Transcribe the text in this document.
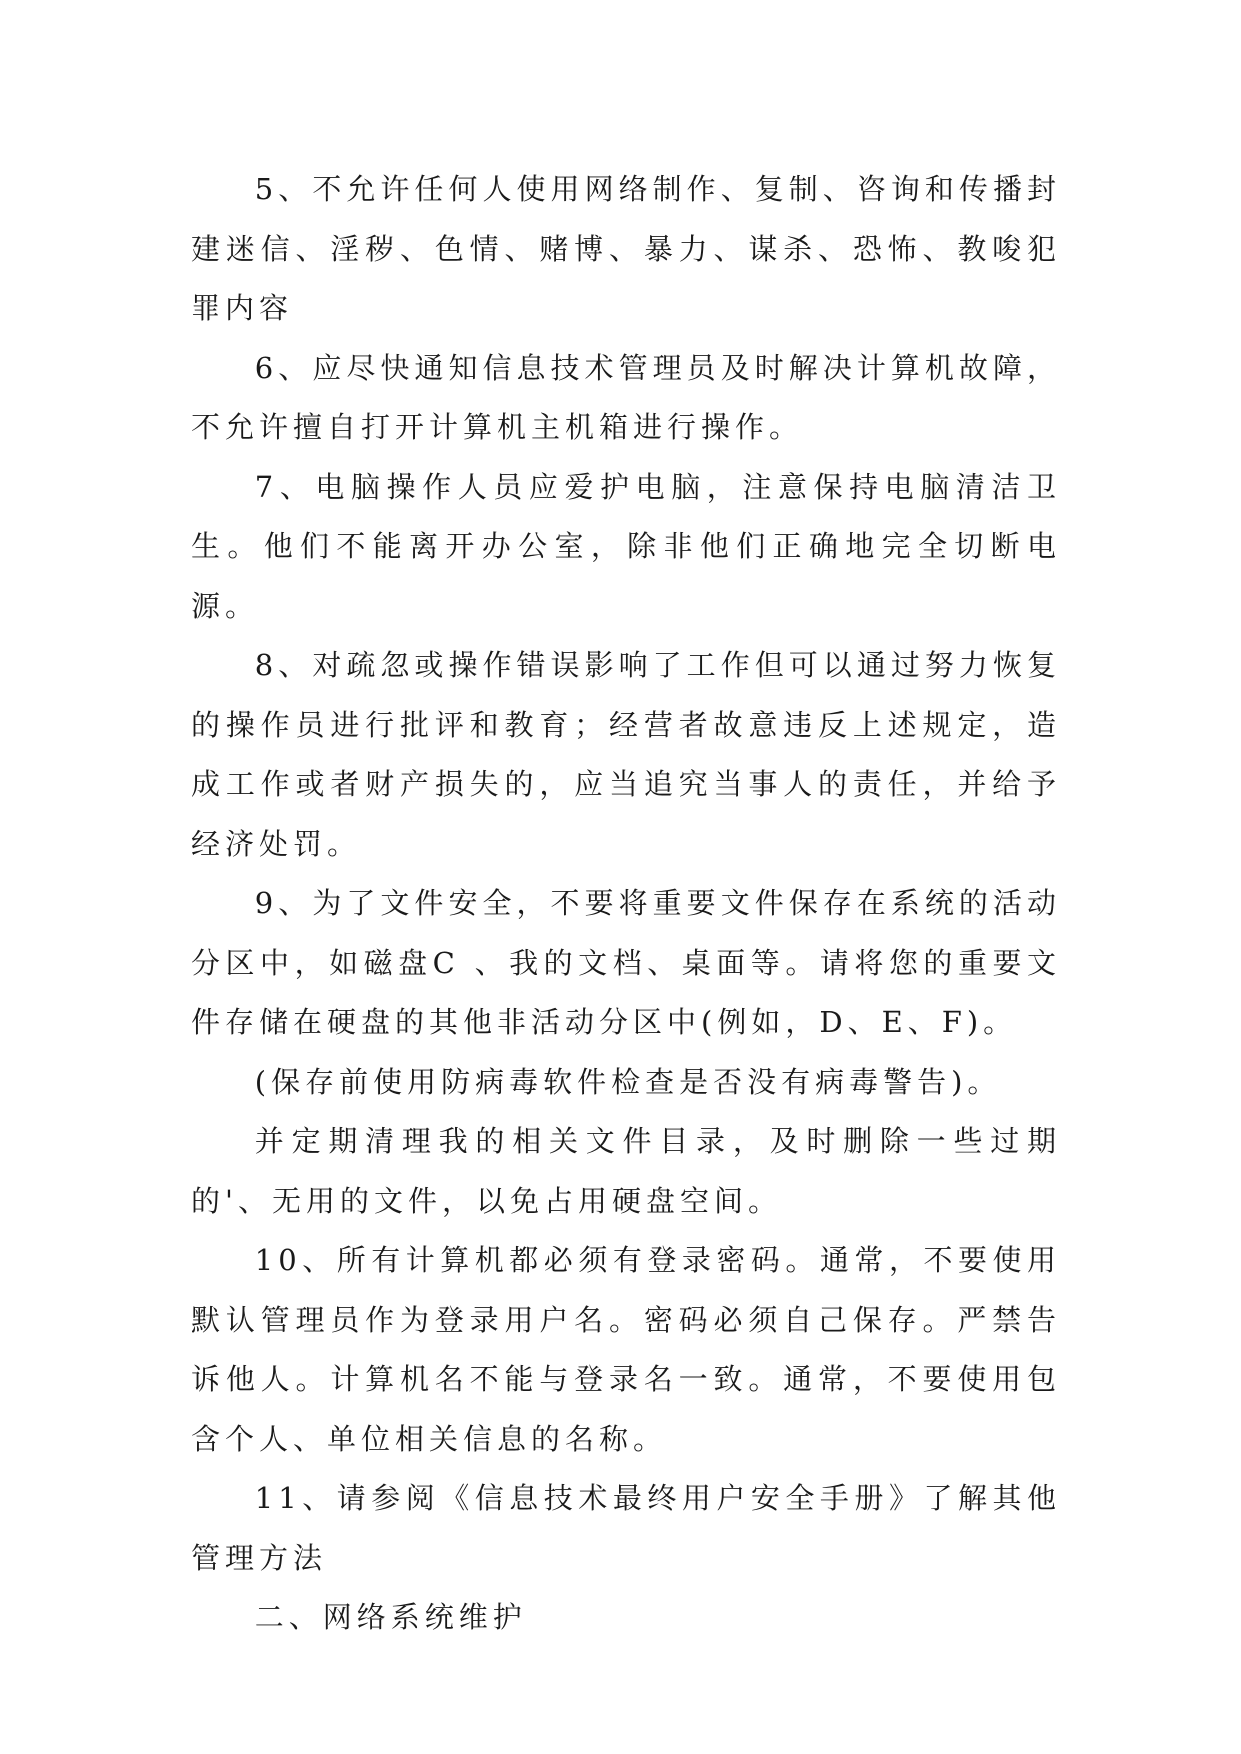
5、不允许任何人使用网络制作、复制、咨询和传播封建迷信、淫秽、色情、赌博、暴力、谋杀、恐怖、教唆犯罪内容

6、应尽快通知信息技术管理员及时解决计算机故障，不允许擅自打开计算机主机箱进行操作。

7、电脑操作人员应爱护电脑，注意保持电脑清洁卫生。他们不能离开办公室，除非他们正确地完全切断电源。

8、对疏忽或操作错误影响了工作但可以通过努力恢复的操作员进行批评和教育；经营者故意违反上述规定，造成工作或者财产损失的，应当追究当事人的责任，并给予经济处罚。

9、为了文件安全，不要将重要文件保存在系统的活动分区中，如磁盘C 、我的文档、桌面等。请将您的重要文件存储在硬盘的其他非活动分区中(例如，D、E、F)。

(保存前使用防病毒软件检查是否没有病毒警告)。

并定期清理我的相关文件目录，及时删除一些过期的'、无用的文件，以免占用硬盘空间。

10、所有计算机都必须有登录密码。通常，不要使用默认管理员作为登录用户名。密码必须自己保存。严禁告诉他人。计算机名不能与登录名一致。通常，不要使用包含个人、单位相关信息的名称。

11、请参阅《信息技术最终用户安全手册》了解其他管理方法

二、网络系统维护
